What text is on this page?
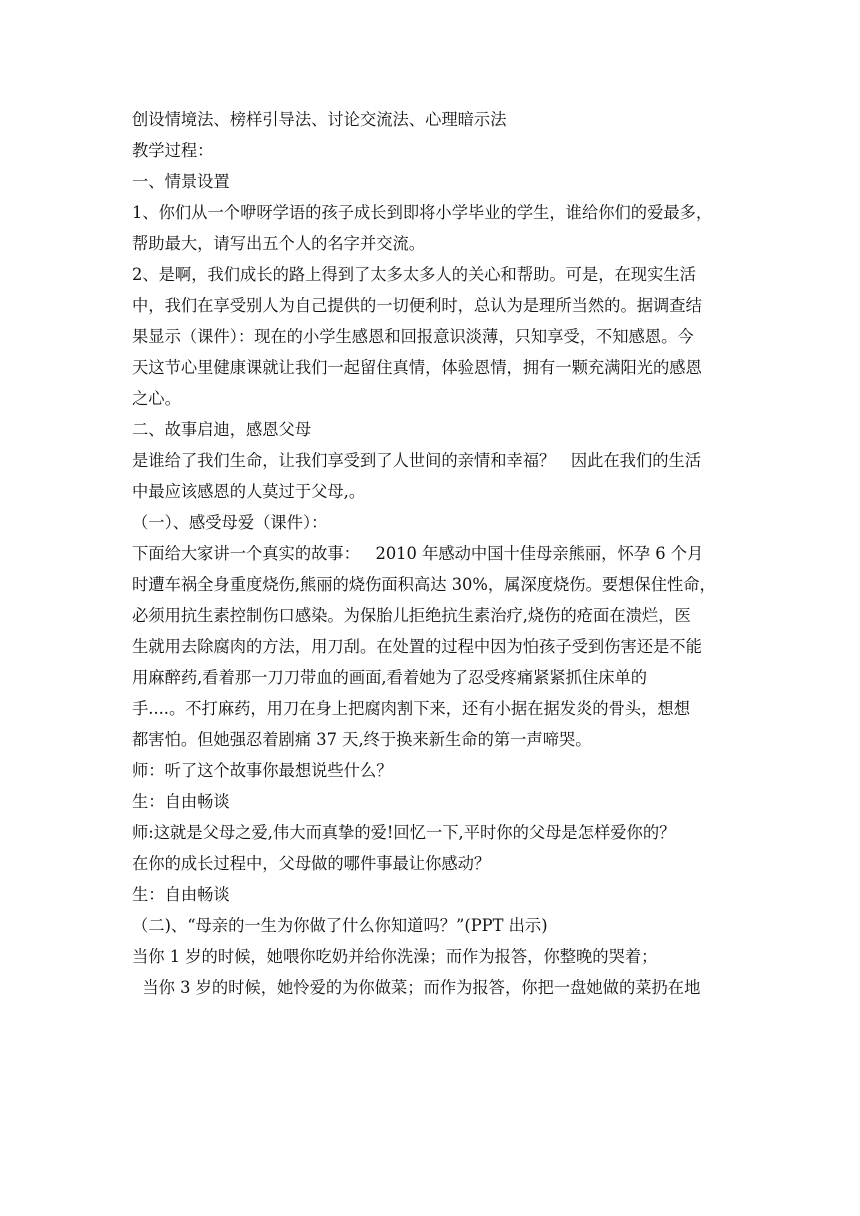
创设情境法、榜样引导法、讨论交流法、心理暗示法
教学过程：
一、情景设置
1、你们从一个咿呀学语的孩子成长到即将小学毕业的学生，谁给你们的爱最多，
帮助最大，请写出五个人的名字并交流。
2、是啊，我们成长的路上得到了太多太多人的关心和帮助。可是，在现实生活
中，我们在享受别人为自己提供的一切便利时，总认为是理所当然的。据调查结
果显示（课件）：现在的小学生感恩和回报意识淡薄，只知享受，不知感恩。今
天这节心里健康课就让我们一起留住真情，体验恩情，拥有一颗充满阳光的感恩
之心。
二、故事启迪，感恩父母
是谁给了我们生命，让我们享受到了人世间的亲情和幸福？   因此在我们的生活
中最应该感恩的人莫过于父母,。
（一）、感受母爱（课件）：
下面给大家讲一个真实的故事：   2010 年感动中国十佳母亲熊丽，怀孕 6 个月
时遭车祸全身重度烧伤,熊丽的烧伤面积高达 30%，属深度烧伤。要想保住性命，
必须用抗生素控制伤口感染。为保胎儿拒绝抗生素治疗,烧伤的疮面在溃烂，医
生就用去除腐肉的方法，用刀刮。在处置的过程中因为怕孩子受到伤害还是不能
用麻醉药,看着那一刀刀带血的画面,看着她为了忍受疼痛紧紧抓住床单的
手....。不打麻药，用刀在身上把腐肉割下来，还有小据在据发炎的骨头，想想
都害怕。但她强忍着剧痛 37 天,终于换来新生命的第一声啼哭。
师：听了这个故事你最想说些什么？
生：自由畅谈
师:这就是父母之爱,伟大而真挚的爱!回忆一下,平时你的父母是怎样爱你的？
在你的成长过程中，父母做的哪件事最让你感动？
生：自由畅谈
（二)、“母亲的一生为你做了什么你知道吗？”(PPT 出示)
当你 1 岁的时候，她喂你吃奶并给你洗澡；而作为报答，你整晚的哭着；
当你 3 岁的时候，她怜爱的为你做菜；而作为报答，你把一盘她做的菜扔在地
